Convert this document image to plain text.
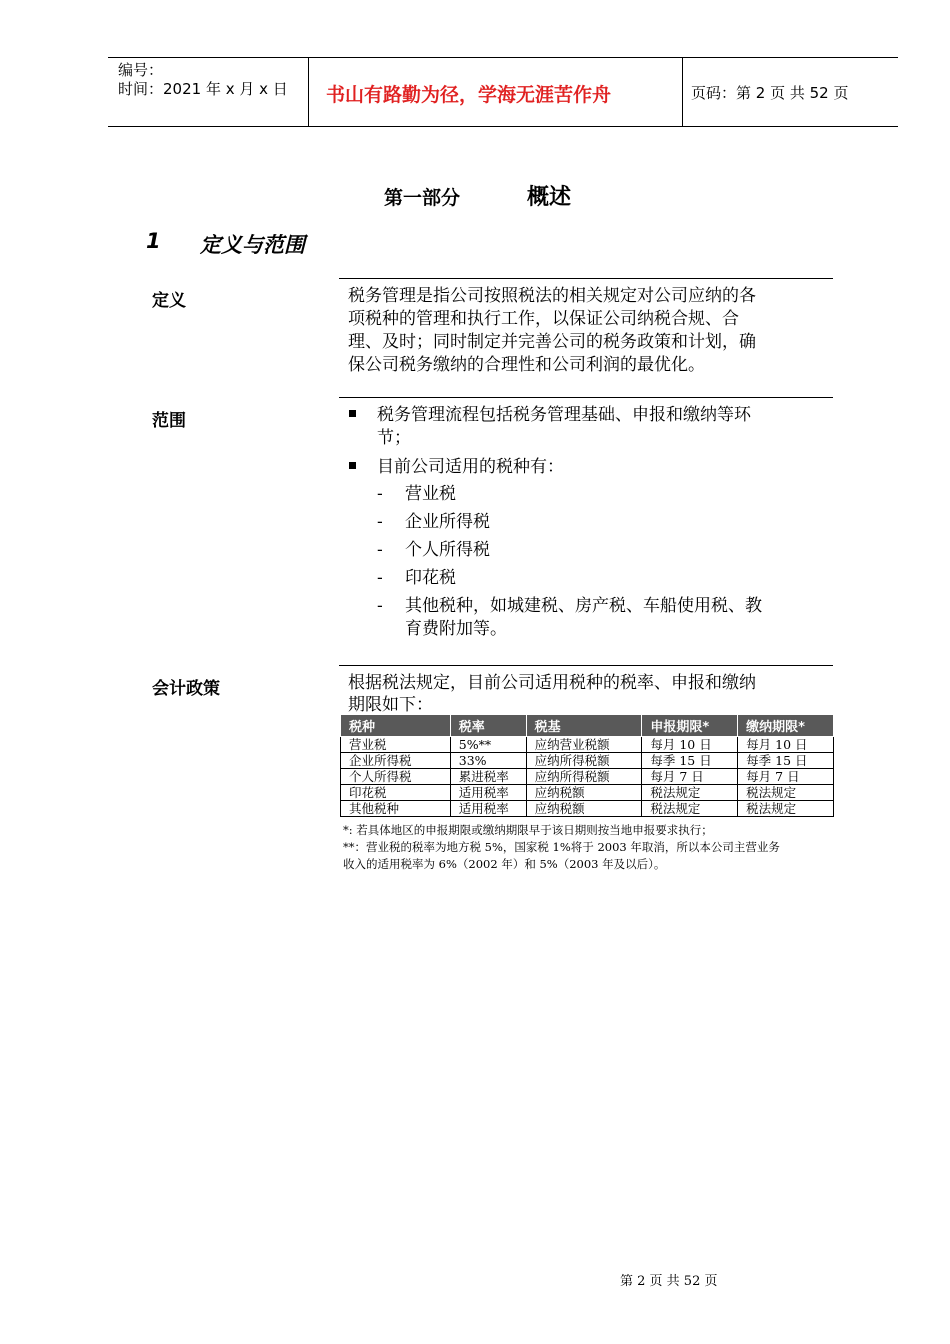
编号：
时间：2021 年 x 月 x 日 书山有路勤为径，学海无涯苦作舟	页码：第 2 页 共 52 页
第一部分	概述
1 定义与范围
定义	税务管理是指公司按照税法的相关规定对公司应纳的各
项税种的管理和执行工作，以保证公司纳税合规、合
理、及时；同时制定并完善公司的税务政策和计划，确
保公司税务缴纳的合理性和公司利润的最优化。
范围	税务管理流程包括税务管理基础、申报和缴纳等环
节；
目前公司适用的税种有：
- 营业税
- 企业所得税
- 个人所得税
- 印花税
- 其他税种，如城建税、房产税、车船使用税、教
育费附加等。
会计政策	根据税法规定，目前公司适用税种的税率、申报和缴纳
期限如下：
税种	税率	税基	申报期限*	缴纳期限*
营业税	5%**	应纳营业税额	每月 10 日	每月 10 日
企业所得税	33%	应纳所得税额	每季 15 日	每季 15 日
个人所得税	累进税率	应纳所得税额	每月 7 日	每月 7 日
印花税	适用税率	应纳税额	税法规定	税法规定
其他税种	适用税率	应纳税额	税法规定	税法规定
*: 若具体地区的申报期限或缴纳期限早于该日期则按当地申报要求执行；
**：营业税的税率为地方税 5%，国家税 1%将于 2003 年取消，所以本公司主营业务
收入的适用税率为 6%（2002 年）和 5%（2003 年及以后）。
第 2 页 共 52 页
